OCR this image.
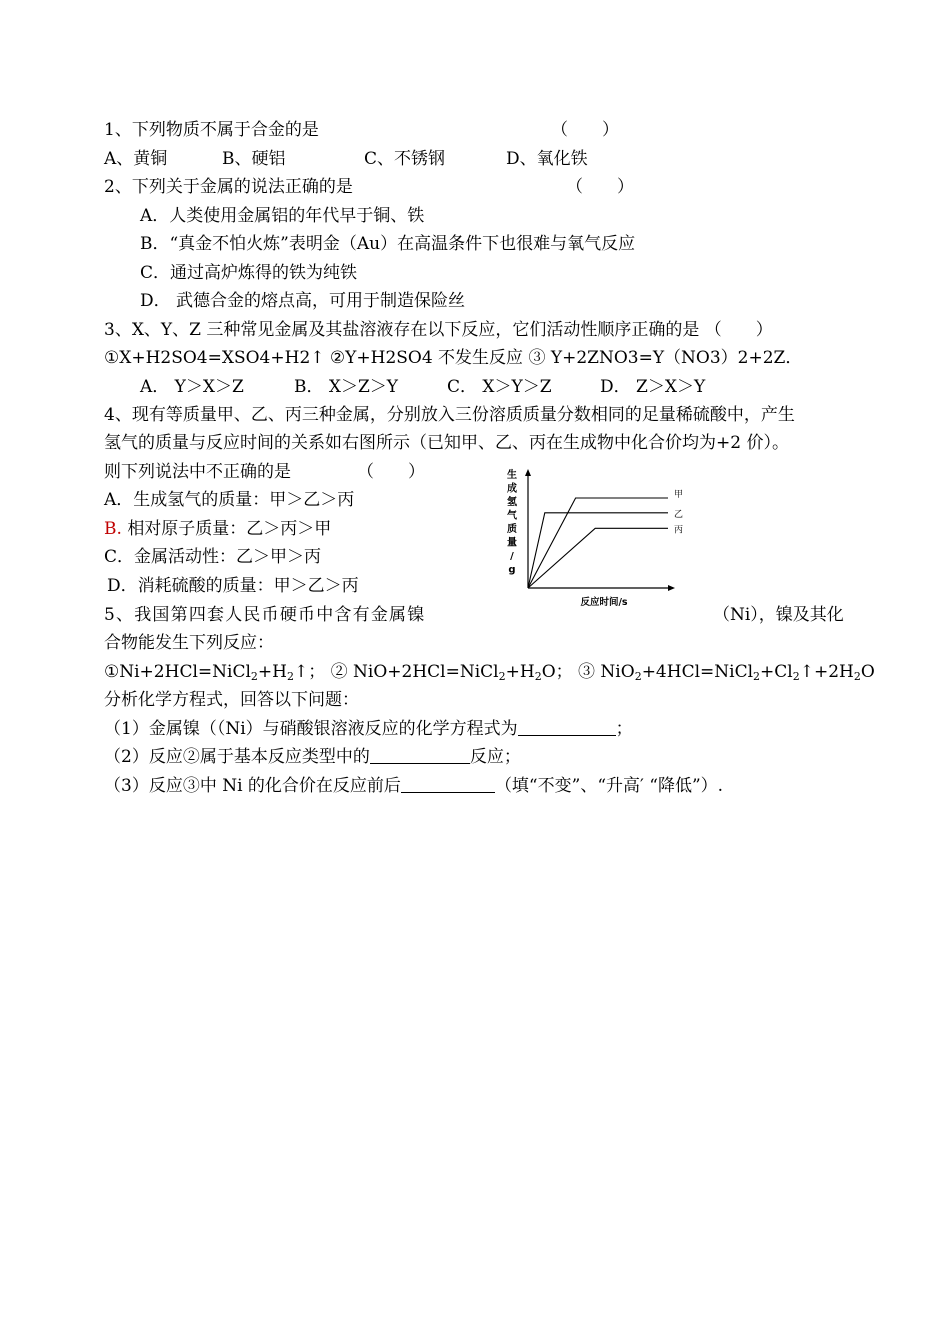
1、下列物质不属于合金的是	（　　）
A、黄铜	B、硬铝	C、不锈钢	D、氧化铁
2、下列关于金属的说法正确的是	（　　）
A．人类使用金属铝的年代早于铜、铁
B．“真金不怕火炼”表明金（Au）在高温条件下也很难与氧气反应
C．通过高炉炼得的铁为纯铁
D． 武德合金的熔点高，可用于制造保险丝
3、X、Y、Z 三种常见金属及其盐溶液存在以下反应，它们活动性顺序正确的是 （　　）
①X+H2SO4=XSO4+H2↑ ②Y+H2SO4 不发生反应 ③ Y+2ZNO3=Y（NO3）2+2Z．
A． Y＞X＞Z	B． X＞Z＞Y	C． X＞Y＞Z	D． Z＞X＞Y
4、现有等质量甲、乙、丙三种金属，分别放入三份溶质质量分数相同的足量稀硫酸中，产生
氢气的质量与反应时间的关系如右图所示（已知甲、乙、丙在生成物中化合价均为+2 价）。
则下列说法中不正确的是	（　　）
A．生成氢气的质量：甲＞乙＞丙
B. 相对原子质量：乙＞丙＞甲
C．金属活动性：乙＞甲＞丙
D．消耗硫酸的质量：甲＞乙＞丙
生
成
氢
气
质
量
/
g
甲
乙
丙
反应时间/s
5、我国第四套人民币硬币中含有金属镍	（Ni），镍及其化
合物能发生下列反应：
$①Ni+2HCl=NiCl_2+H_2↑$； ② $NiO+2HCl=NiCl_2+H_2O$； ③ $NiO_2+4HCl=NiCl_2+Cl_2↑+2H_2O$
分析化学方程式，回答以下问题：
（1）金属镍（（Ni）与硝酸银溶液反应的化学方程式为	；
（2）反应②属于基本反应类型中的	反应；
（3）反应③中 Ni 的化合价在反应前后	（填“不变”、“升高′ “降低”）.
